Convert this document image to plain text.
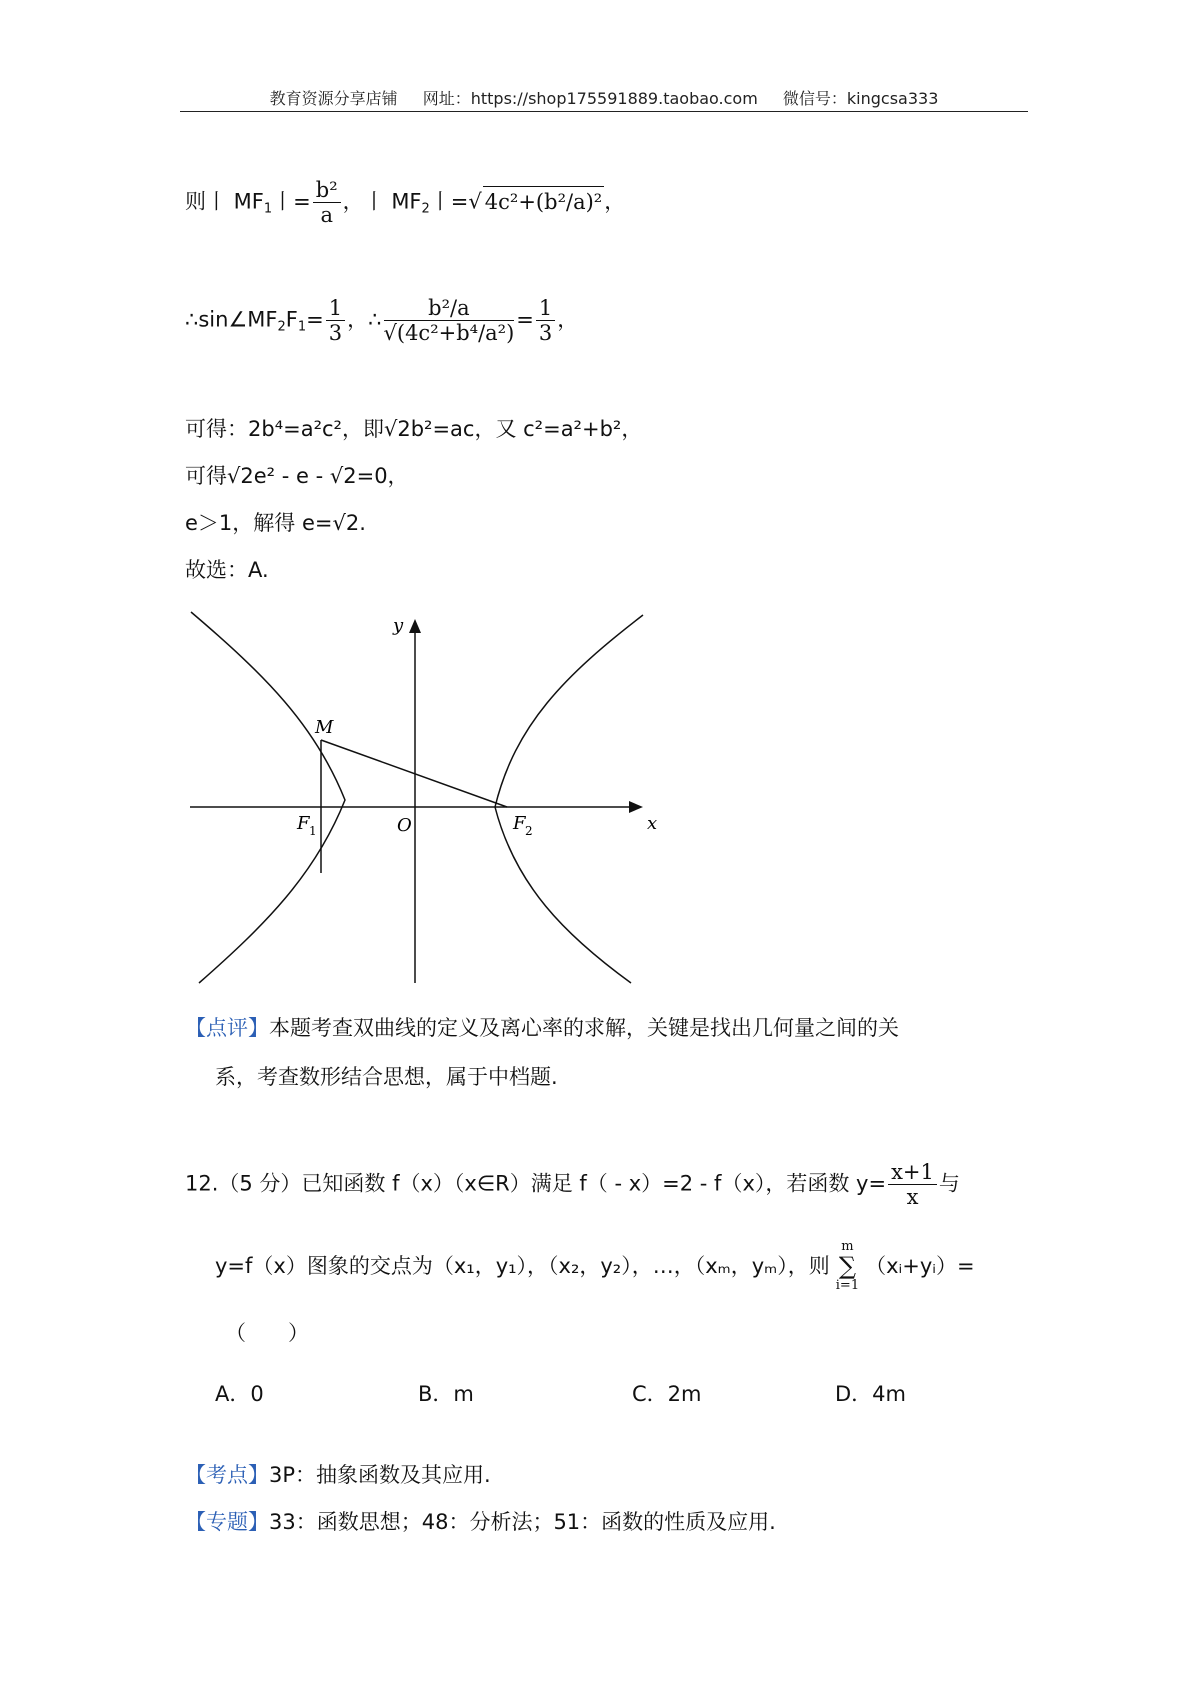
教育资源分享店铺 网址：https://shop175591889.taobao.com 微信号：kingcsa333
则丨 $MF_1$丨= $\frac{\text{b²}}{a}$ ，丨 $MF_2$丨=√ 4c²+(b²/a)²，
$\therefore\sin\angle MF_2F_1= \frac{1}{3}$ ，∴ $\frac{\text{b²/a}}{\text{√(4c²+b⁴/a²)}} = \frac{1}{3}$ ，
可得：2b⁴=a²c²，即√2b²=ac，又 c²=a²+b²，
可得√2e² - e - √2=0，
e＞1，解得 e=√2.
故选：A.
y
x
M
O
F 1	F 2
【点评】本题考查双曲线的定义及离心率的求解，关键是找出几何量之间的关
系，考查数形结合思想，属于中档题.
12.（5 分）已知函数 f（x）（x∈R）满足 f（ - x）=2 - f（x），若函数 $y= \frac{x+1}{x}$ 与
y=f（x）图象的交点为（x₁，y₁），（x₂，y₂），…，（xₘ，yₘ），则
m
∑
i=1
（xᵢ+yᵢ）=
（　　）
A．0	B．m	C．2m	D．4m
【考点】3P：抽象函数及其应用.
【专题】33：函数思想；48：分析法；51：函数的性质及应用.
